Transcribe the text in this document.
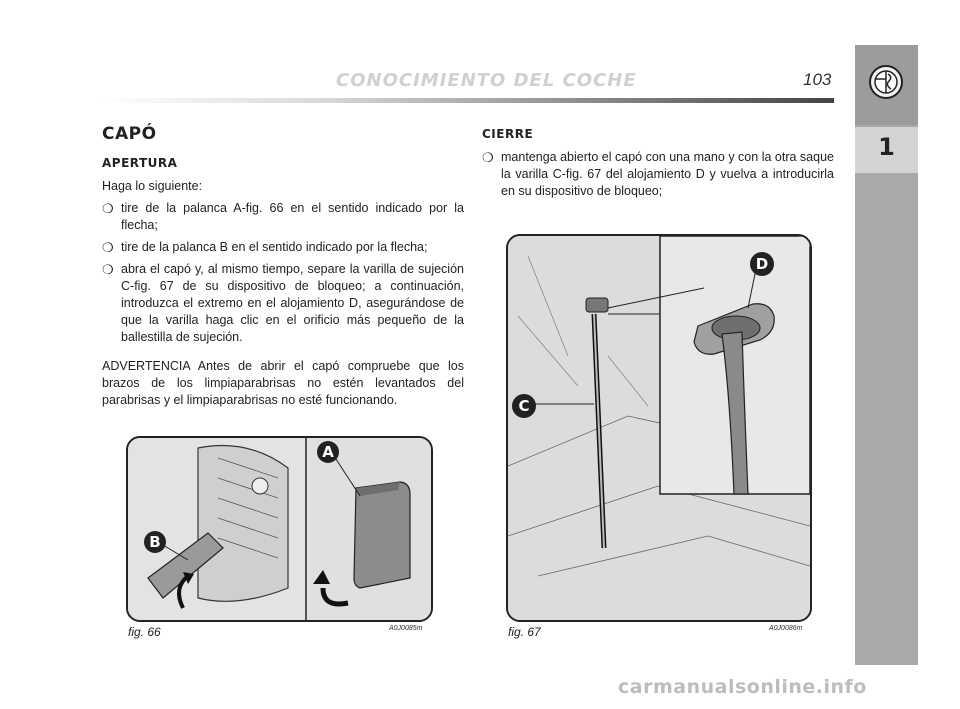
CONOCIMIENTO DEL COCHE	103
1
CAPÓ
APERTURA
Haga lo siguiente:
❍ tire de la palanca A-fig. 66 en el sentido indicado por la flecha;
❍ tire de la palanca B en el sentido indicado por la flecha;
❍ abra el capó y, al mismo tiempo, separe la varilla de sujeción C-fig. 67 de su dispositivo de bloqueo; a continuación, introduzca el extremo en el alojamiento D, asegurándose de que la varilla haga clic en el orificio más pequeño de la ballestilla de sujeción.
ADVERTENCIA Antes de abrir el capó compruebe que los brazos de los limpiaparabrisas no estén levantados del parabrisas y el limpiaparabrisas no esté funcionando.
CIERRE
❍ mantenga abierto el capó con una mano y con la otra saque la varilla C-fig. 67 del alojamiento D y vuelva a introducirla en su dispositivo de bloqueo;
A
B
fig. 66	A0J0085m
D
C
fig. 67	A0J0086m
carmanualsonline.info
